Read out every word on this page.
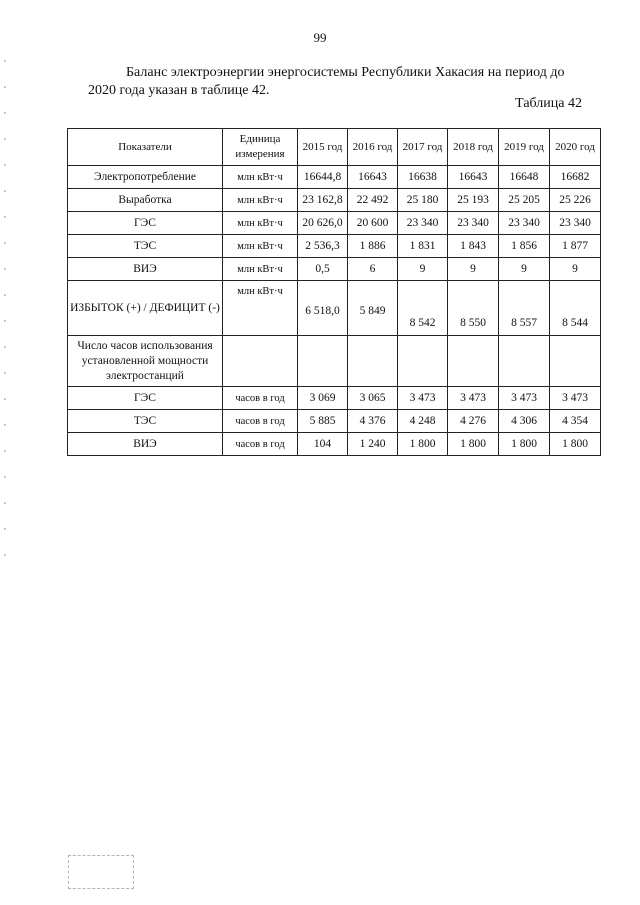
99

Баланс электроэнергии энергосистемы Республики Хакасия на период до 2020 года указан в таблице 42.

Таблица 42
Показатели	Единица измерения	2015 год	2016 год	2017 год	2018 год	2019 год	2020 год
Электропотребление	млн кВт·ч	16644,8	16643	16638	16643	16648	16682
Выработка	млн кВт·ч	23 162,8	22 492	25 180	25 193	25 205	25 226
ГЭС	млн кВт·ч	20 626,0	20 600	23 340	23 340	23 340	23 340
ТЭС	млн кВт·ч	2 536,3	1 886	1 831	1 843	1 856	1 877
ВИЭ	млн кВт·ч	0,5	6	9	9	9	9
ИЗБЫТОК (+) / ДЕФИЦИТ (-)	млн кВт·ч	6 518,0	5 849	8 542	8 550	8 557	8 544
Число часов использования установленной мощности электростанций							
ГЭС	часов в год	3 069	3 065	3 473	3 473	3 473	3 473
ТЭС	часов в год	5 885	4 376	4 248	4 276	4 306	4 354
ВИЭ	часов в год	104	1 240	1 800	1 800	1 800	1 800
